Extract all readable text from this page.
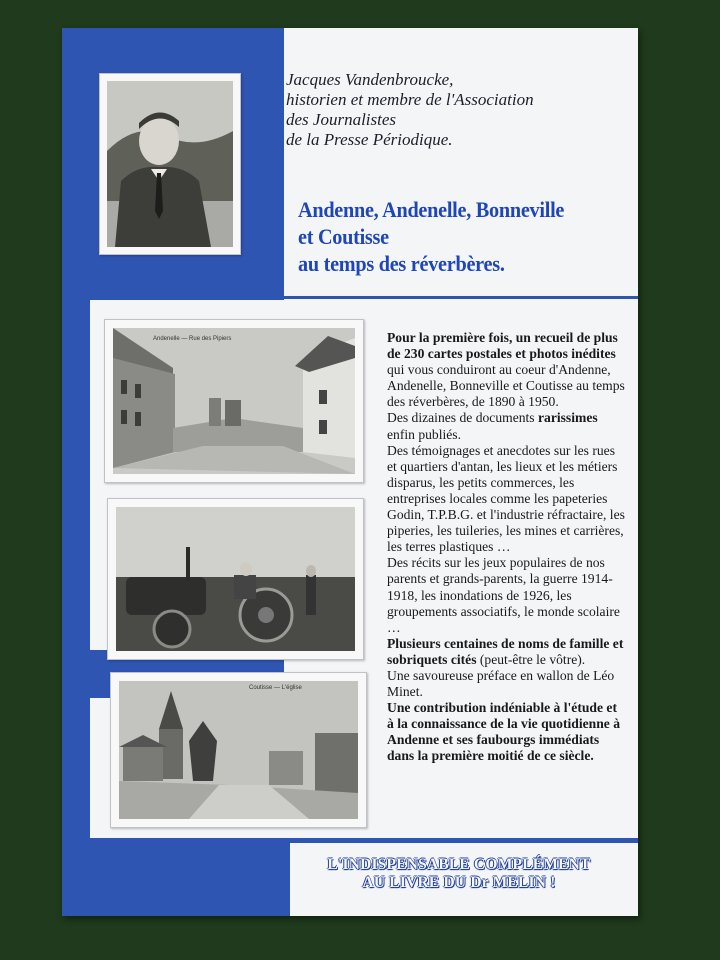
Jacques Vandenbroucke,
historien et membre de l'Association
des Journalistes
de la Presse Périodique.
Andenne, Andenelle, Bonneville
et Coutisse
au temps des réverbères.
Andenelle — Rue des Pipiers
Coutisse — L'église

Pour la première fois, un recueil de plus de 230 cartes postales et photos inédites qui vous conduiront au coeur d'Andenne, Andenelle, Bonneville et Coutisse au temps des réverbères, de 1890 à 1950.

Des dizaines de documents rarissimes enfin publiés.

Des témoignages et anecdotes sur les rues et quartiers d'antan, les lieux et les métiers disparus, les petits commerces, les entreprises locales comme les papeteries Godin, T.P.B.G. et l'industrie réfractaire, les piperies, les tuileries, les mines et carrières, les terres plastiques …

Des récits sur les jeux populaires de nos parents et grands-parents, la guerre 1914-1918, les inondations de 1926, les groupements associatifs, le monde scolaire …

Plusieurs centaines de noms de famille et sobriquets cités (peut-être le vôtre).

Une savoureuse préface en wallon de Léo Minet.

Une contribution indéniable à l'étude et à la connaissance de la vie quotidienne à Andenne et ses faubourgs immédiats dans la première moitié de ce siècle.

L'INDISPENSABLE COMPLÉMENT
AU LIVRE DU Dr MELIN !
